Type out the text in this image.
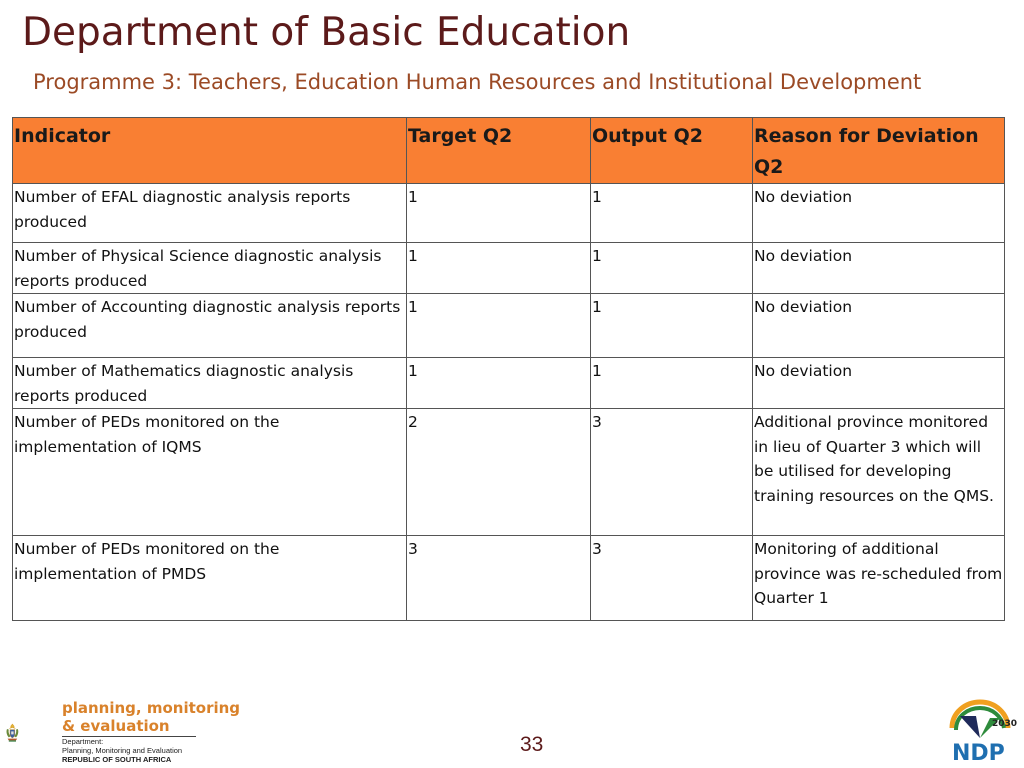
Department of Basic Education
Programme 3: Teachers, Education Human Resources and Institutional Development
Indicator	Target Q2	Output Q2	Reason for Deviation Q2
Number of EFAL diagnostic analysis reports produced	1	1	No deviation
Number of Physical Science diagnostic analysis reports produced	1	1	No deviation
Number of Accounting diagnostic analysis reports produced	1	1	No deviation
Number of Mathematics diagnostic analysis reports produced	1	1	No deviation
Number of PEDs monitored on the implementation of IQMS	2	3	Additional province monitored in lieu of Quarter 3 which will be utilised for developing training resources on the QMS.
Number of PEDs monitored on the implementation of PMDS	3	3	Monitoring of additional province was re-scheduled from Quarter 1
planning, monitoring
& evaluation
Department:
Planning, Monitoring and Evaluation
REPUBLIC OF SOUTH AFRICA
33
2030
NDP
